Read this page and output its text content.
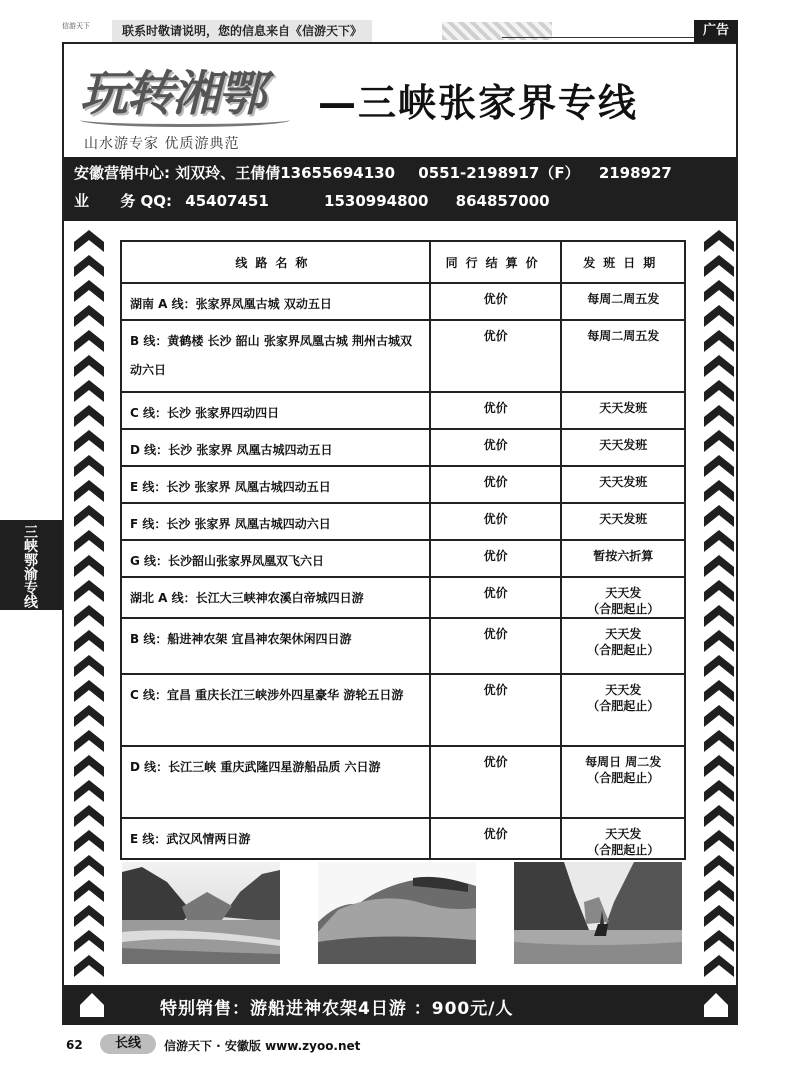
信游天下	联系时敬请说明，您的信息来自《信游天下》	广告
玩转湘鄂
山水游专家 优质游典范
—三峡张家界专线
安徽营销中心: 刘双玲、王倩倩13655694130 0551-2198917（F） 2198927
业      务 QQ: 45407451	1530994800 864857000
线路名称	同行结算价	发班日期
湖南 A 线：张家界凤凰古城 双动五日	优价	每周二周五发
B 线：黄鹤楼 长沙 韶山 张家界凤凰古城 荆州古城双动六日	优价	每周二周五发
C 线：长沙 张家界四动四日	优价	天天发班
D 线：长沙 张家界 凤凰古城四动五日	优价	天天发班
E 线：长沙 张家界 凤凰古城四动五日	优价	天天发班
F 线：长沙 张家界 凤凰古城四动六日	优价	天天发班
G 线：长沙韶山张家界凤凰双飞六日	优价	暂按六折算
湖北 A 线：长江大三峡神农溪白帝城四日游	优价	天天发
（合肥起止）
B 线：船进神农架 宜昌神农架休闲四日游	优价	天天发
（合肥起止）
C 线：宜昌 重庆长江三峡涉外四星豪华 游轮五日游	优价	天天发
（合肥起止）
D 线：长江三峡 重庆武隆四星游船品质 六日游	优价	每周日 周二发
（合肥起止）
E 线：武汉风情两日游	优价	天天发
（合肥起止）
特别销售：游船进神农架4日游 ：900元/人
62	长线	信游天下 · 安徽版 www.zyoo.net
三
峡
鄂
渝
专
线
